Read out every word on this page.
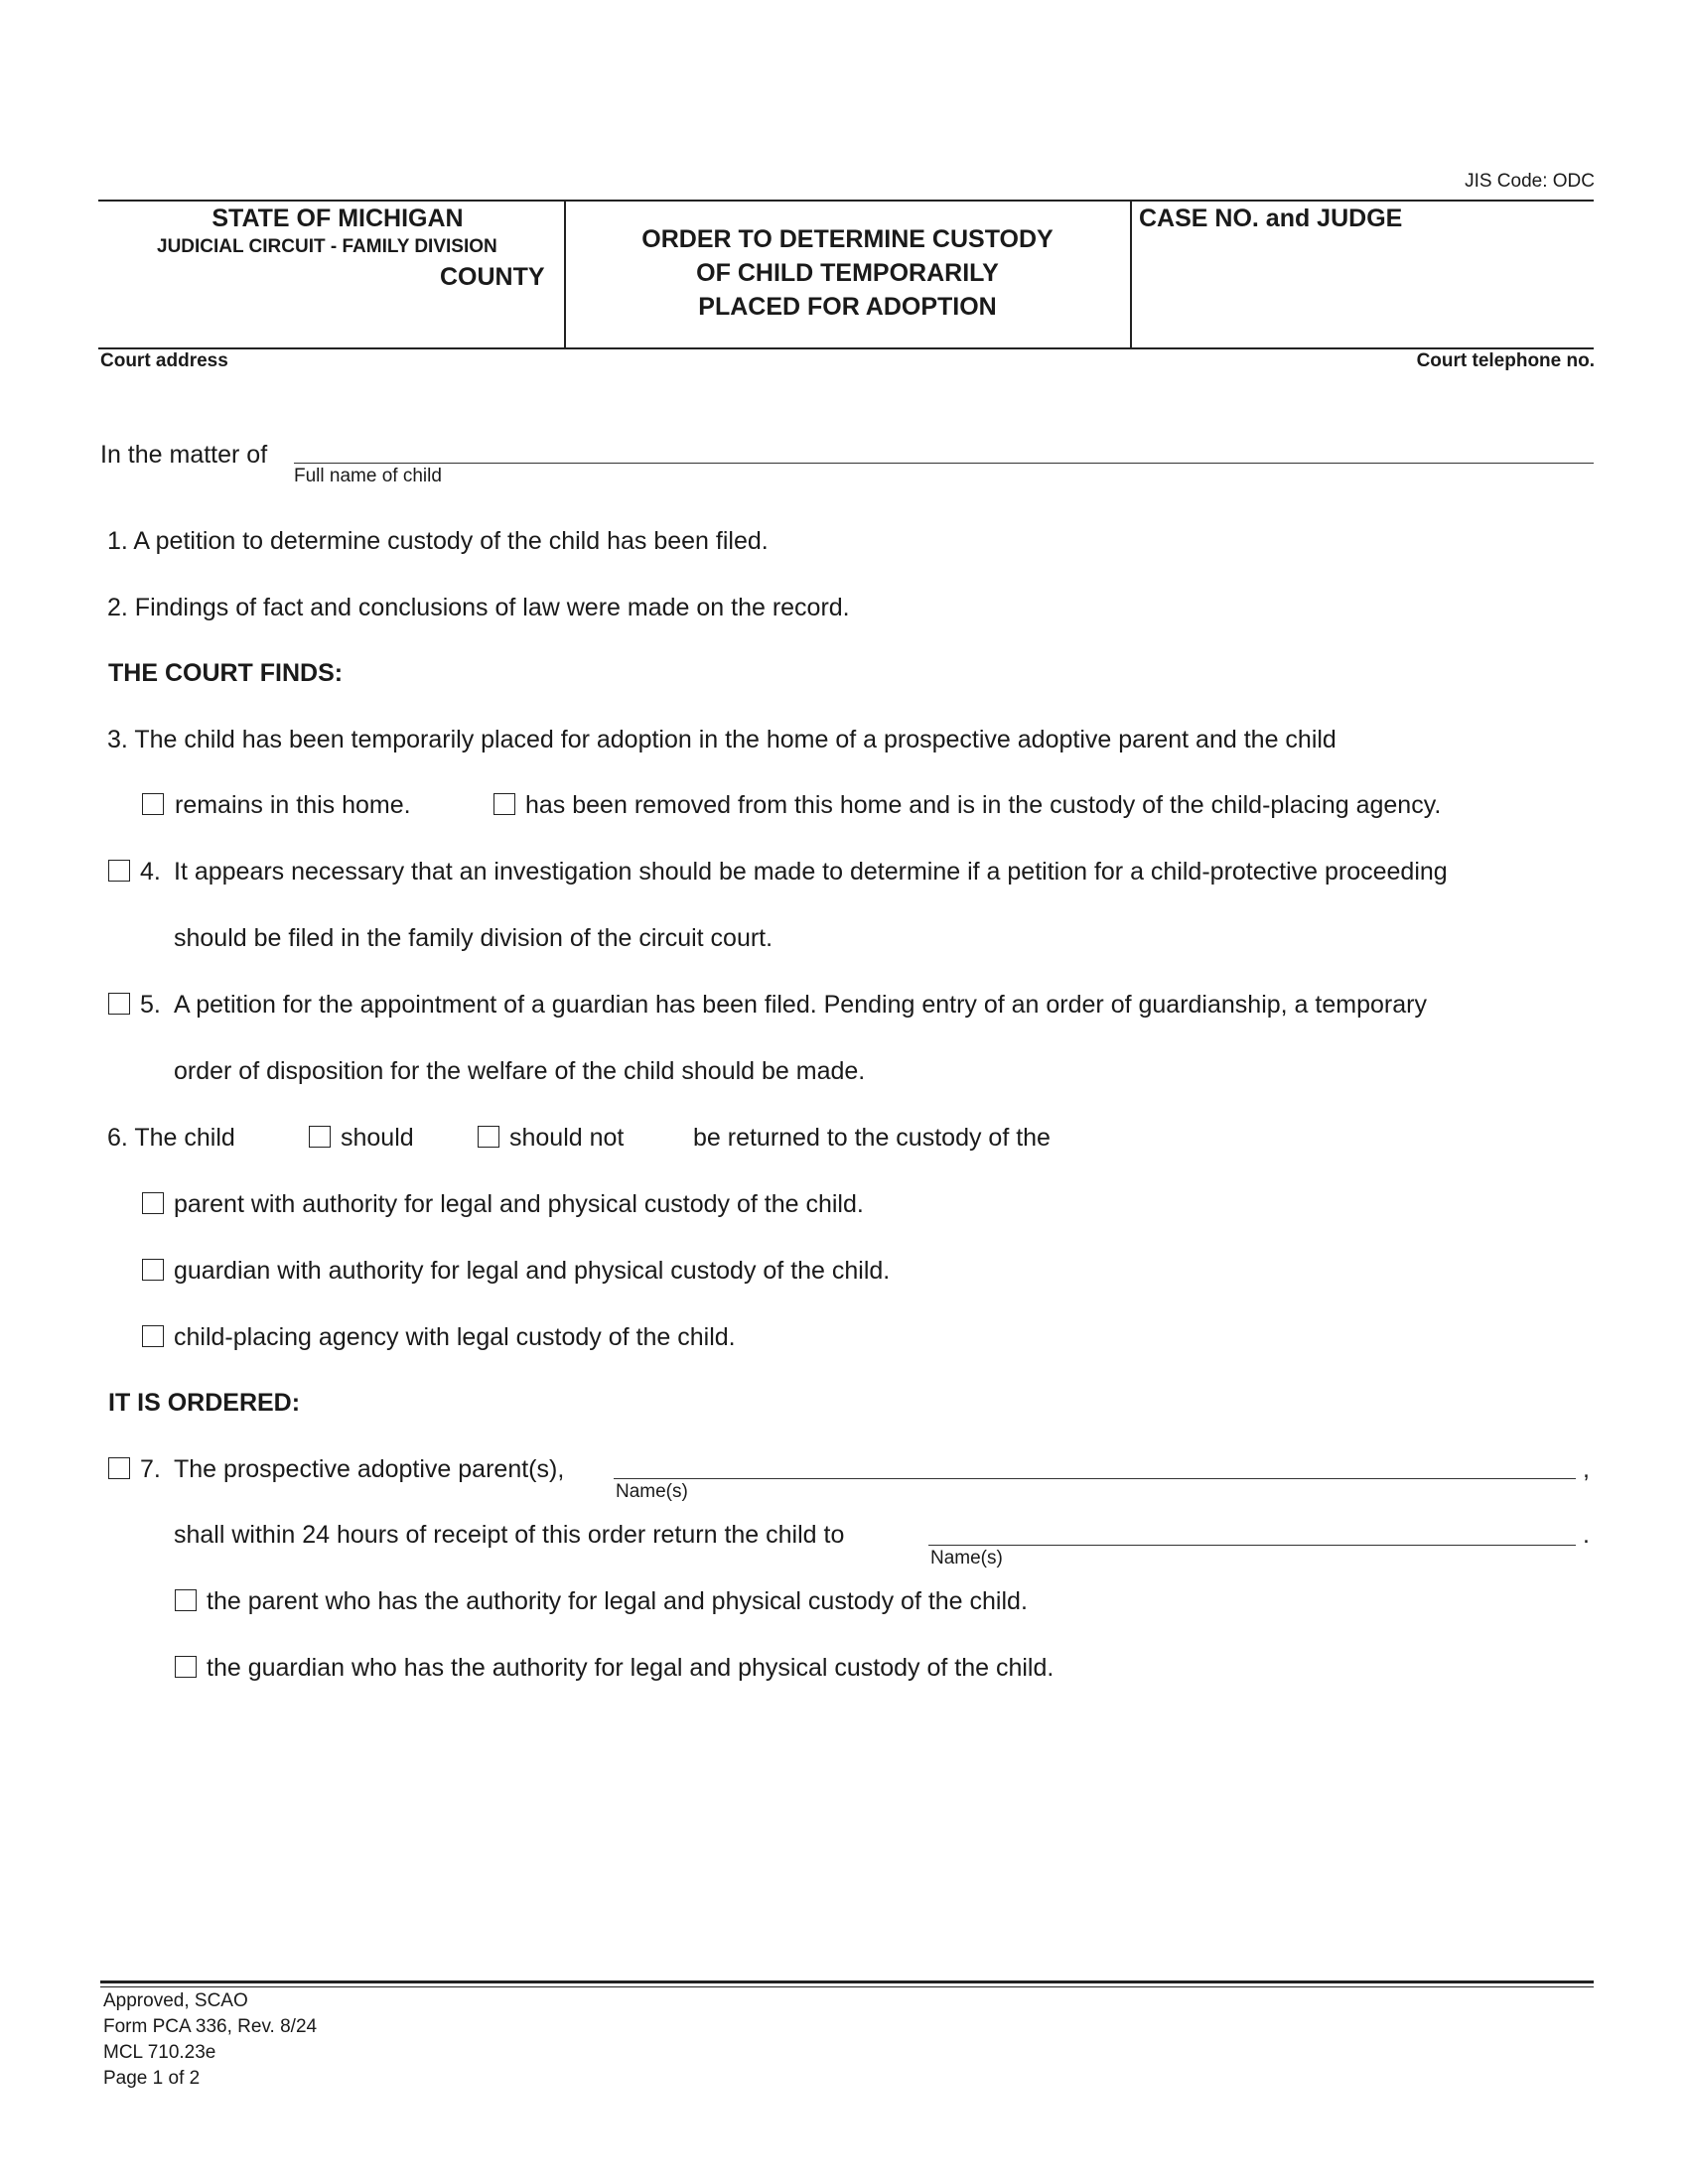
JIS Code: ODC
STATE OF MICHIGAN
JUDICIAL CIRCUIT - FAMILY DIVISION
COUNTY
ORDER TO DETERMINE CUSTODY
OF CHILD TEMPORARILY
PLACED FOR ADOPTION
CASE NO. and JUDGE
Court address	Court telephone no.
In the matter of
Full name of child
1. A petition to determine custody of the child has been filed.
2. Findings of fact and conclusions of law were made on the record.
THE COURT FINDS:
3. The child has been temporarily placed for adoption in the home of a prospective adoptive parent and the child
remains in this home.	has been removed from this home and is in the custody of the child-placing agency.
4. It appears necessary that an investigation should be made to determine if a petition for a child-protective proceeding
should be filed in the family division of the circuit court.
5. A petition for the appointment of a guardian has been filed. Pending entry of an order of guardianship, a temporary
order of disposition for the welfare of the child should be made.
6. The child	should	should not	be returned to the custody of the
parent with authority for legal and physical custody of the child.
guardian with authority for legal and physical custody of the child.
child-placing agency with legal custody of the child.
IT IS ORDERED:
7. The prospective adoptive parent(s),
Name(s)
,
shall within 24 hours of receipt of this order return the child to
Name(s)
.
the parent who has the authority for legal and physical custody of the child.
the guardian who has the authority for legal and physical custody of the child.
Approved, SCAO
Form PCA 336, Rev. 8/24
MCL 710.23e
Page 1 of 2
